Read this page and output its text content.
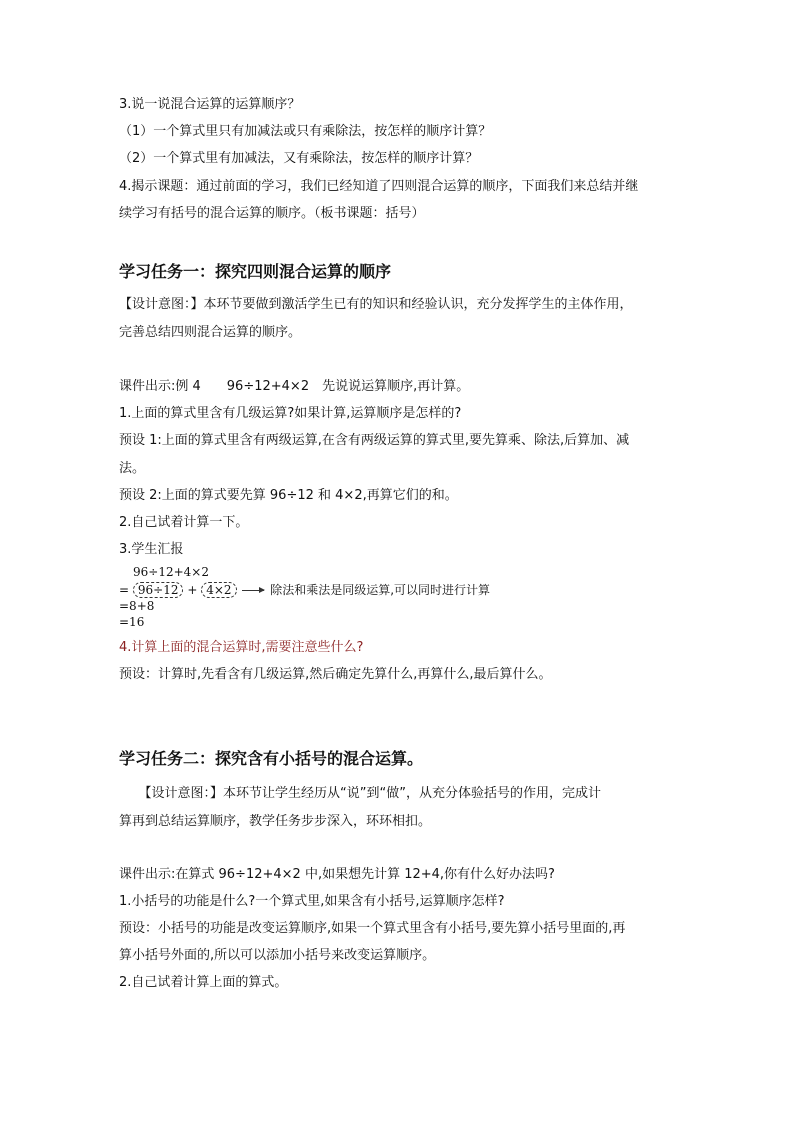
3.说一说混合运算的运算顺序？
（1）一个算式里只有加减法或只有乘除法，按怎样的顺序计算？
（2）一个算式里有加减法，又有乘除法，按怎样的顺序计算？
4.揭示课题：通过前面的学习，我们已经知道了四则混合运算的顺序，下面我们来总结并继
续学习有括号的混合运算的顺序。（板书课题：括号）
学习任务一：探究四则混合运算的顺序
【设计意图：】本环节要做到激活学生已有的知识和经验认识，充分发挥学生的主体作用，
完善总结四则混合运算的顺序。
课件出示:例 4　　96÷12+4×2　先说说运算顺序,再计算。
1.上面的算式里含有几级运算?如果计算,运算顺序是怎样的?
预设 1:上面的算式里含有两级运算,在含有两级运算的算式里,要先算乘、除法,后算加、减
法。
预设 2:上面的算式要先算 96÷12 和 4×2,再算它们的和。
2.自己试着计算一下。
3.学生汇报
96÷12+4×2
= 96÷12 + 4×2	除法和乘法是同级运算,可以同时进行计算
=8+8
=16
4.计算上面的混合运算时,需要注意些什么?
预设：计算时,先看含有几级运算,然后确定先算什么,再算什么,最后算什么。
学习任务二：探究含有小括号的混合运算。
　　【设计意图：】本环节让学生经历从“说”到“做”，从充分体验括号的作用，完成计
算再到总结运算顺序，教学任务步步深入，环环相扣。
课件出示:在算式 96÷12+4×2 中,如果想先计算 12+4,你有什么好办法吗?
1.小括号的功能是什么?一个算式里,如果含有小括号,运算顺序怎样?
预设：小括号的功能是改变运算顺序,如果一个算式里含有小括号,要先算小括号里面的,再
算小括号外面的,所以可以添加小括号来改变运算顺序。
2.自己试着计算上面的算式。
